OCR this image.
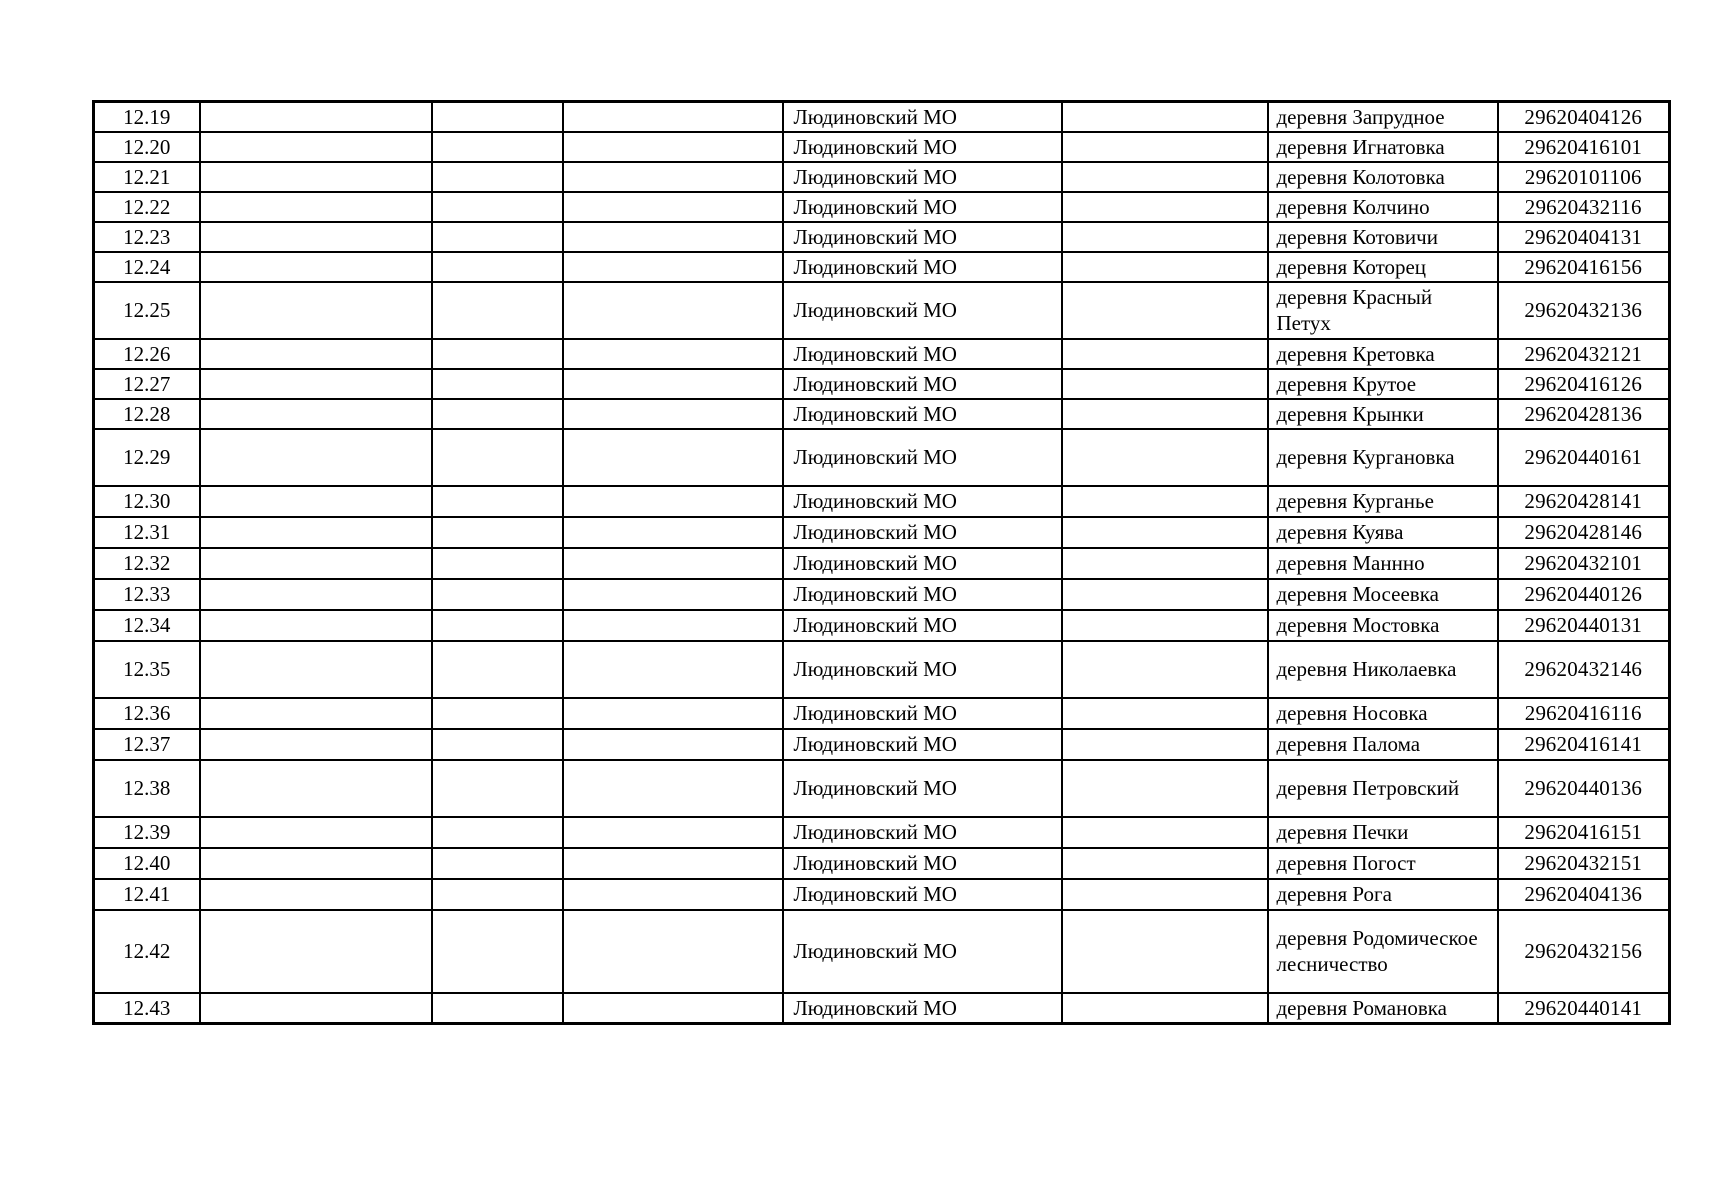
12.19				Людиновский МО		деревня Запрудное	29620404126
12.20				Людиновский МО		деревня Игнатовка	29620416101
12.21				Людиновский МО		деревня Колотовка	29620101106
12.22				Людиновский МО		деревня Колчино	29620432116
12.23				Людиновский МО		деревня Котовичи	29620404131
12.24				Людиновский МО		деревня Которец	29620416156
12.25				Людиновский МО		деревня Красный Петух	29620432136
12.26				Людиновский МО		деревня Кретовка	29620432121
12.27				Людиновский МО		деревня Крутое	29620416126
12.28				Людиновский МО		деревня Крынки	29620428136
12.29				Людиновский МО		деревня Кургановка	29620440161
12.30				Людиновский МО		деревня Курганье	29620428141
12.31				Людиновский МО		деревня Куява	29620428146
12.32				Людиновский МО		деревня Маннно	29620432101
12.33				Людиновский МО		деревня Мосеевка	29620440126
12.34				Людиновский МО		деревня Мостовка	29620440131
12.35				Людиновский МО		деревня Николаевка	29620432146
12.36				Людиновский МО		деревня Носовка	29620416116
12.37				Людиновский МО		деревня Палома	29620416141
12.38				Людиновский МО		деревня Петровский	29620440136
12.39				Людиновский МО		деревня Печки	29620416151
12.40				Людиновский МО		деревня Погост	29620432151
12.41				Людиновский МО		деревня Рога	29620404136
12.42				Людиновский МО		деревня Родомическое лесничество	29620432156
12.43				Людиновский МО		деревня Романовка	29620440141
